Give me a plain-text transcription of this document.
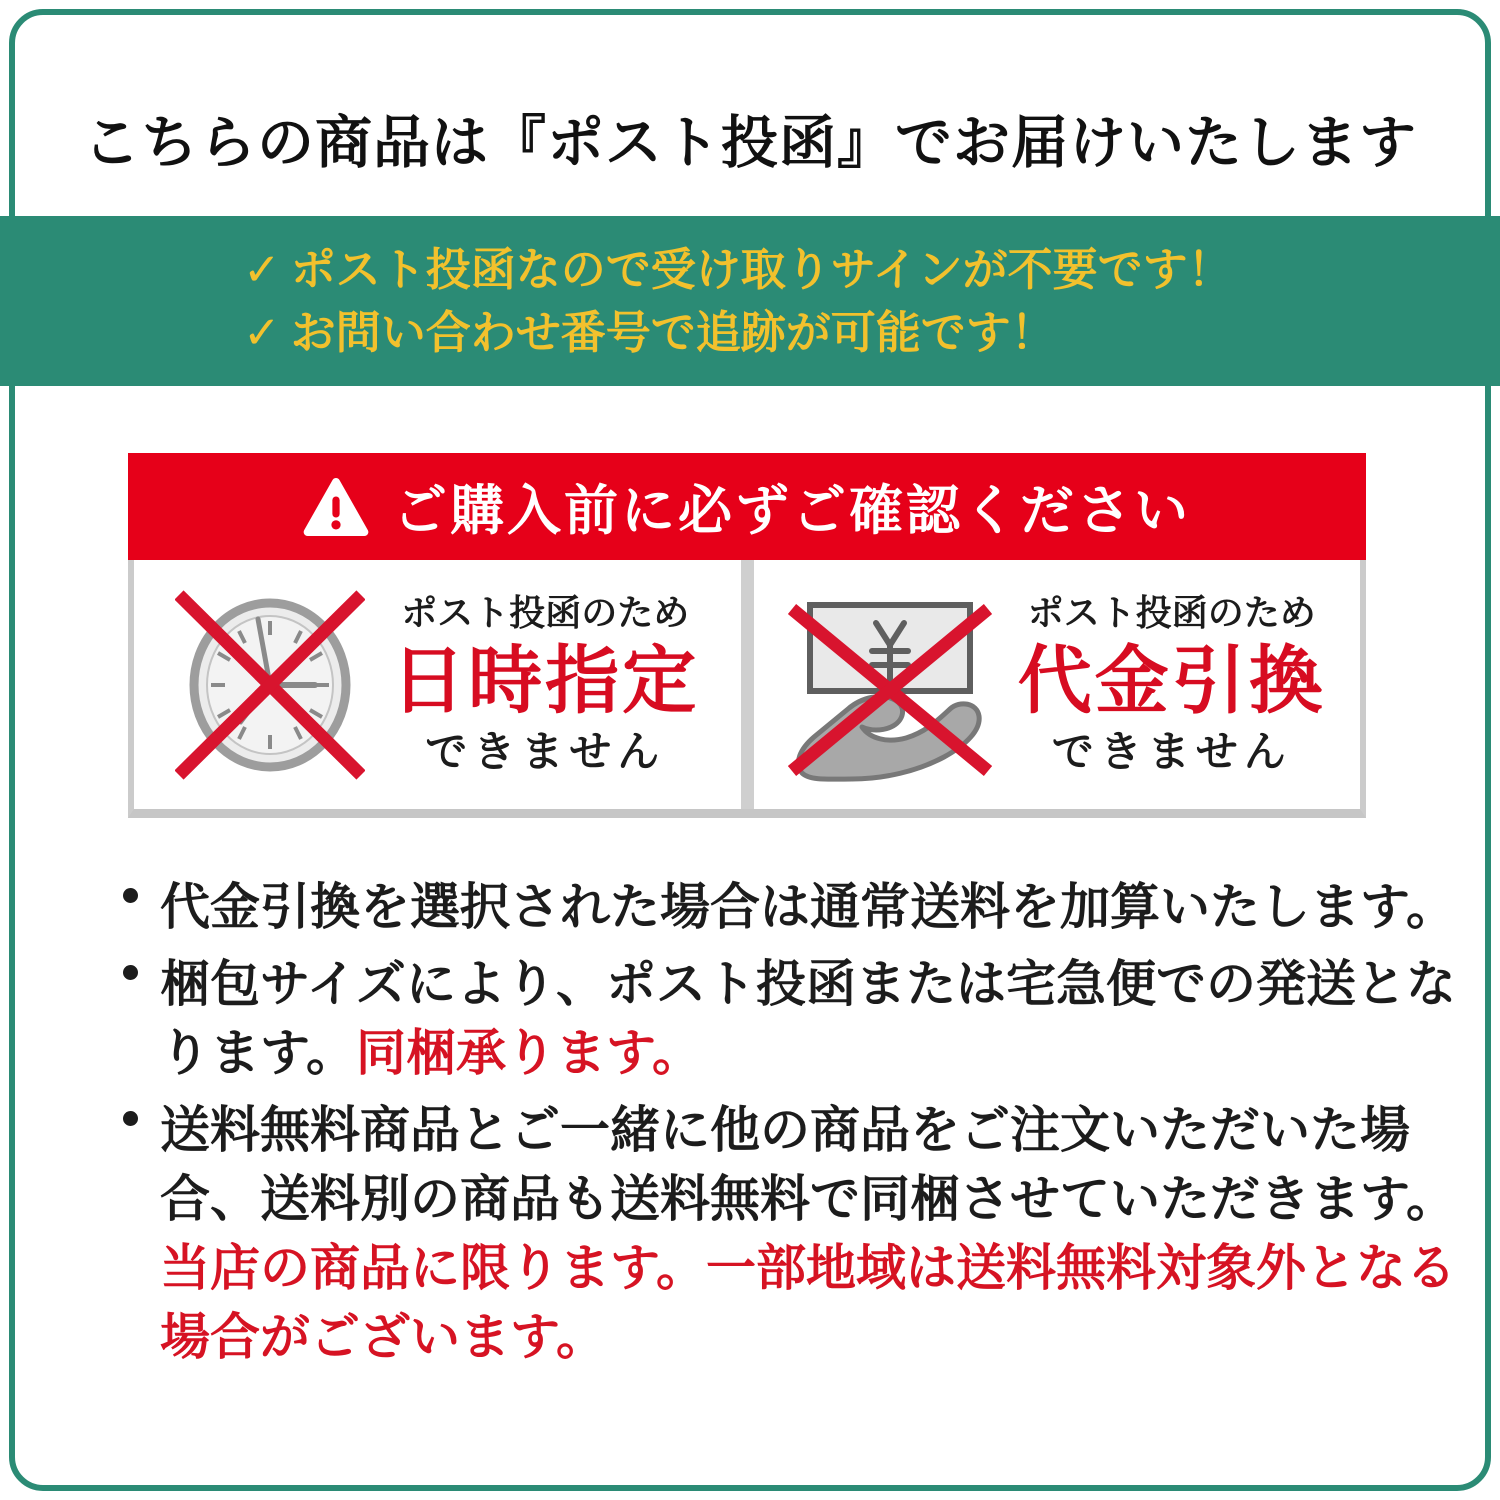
こちらの商品は『ポスト投函』でお届けいたします
✓ ポスト投函なので受け取りサインが不要です！
✓ お問い合わせ番号で追跡が可能です！
ご購入前に必ずご確認ください
ポスト投函のため
日時指定
できません
ポスト投函のため
代金引換
できません
代金引換を選択された場合は通常送料を加算いたします。
梱包サイズにより、ポスト投函または宅急便での発送とな
ります。同梱承ります。
送料無料商品とご一緒に他の商品をご注文いただいた場
合、送料別の商品も送料無料で同梱させていただきます。
当店の商品に限ります。一部地域は送料無料対象外となる
場合がございます。
